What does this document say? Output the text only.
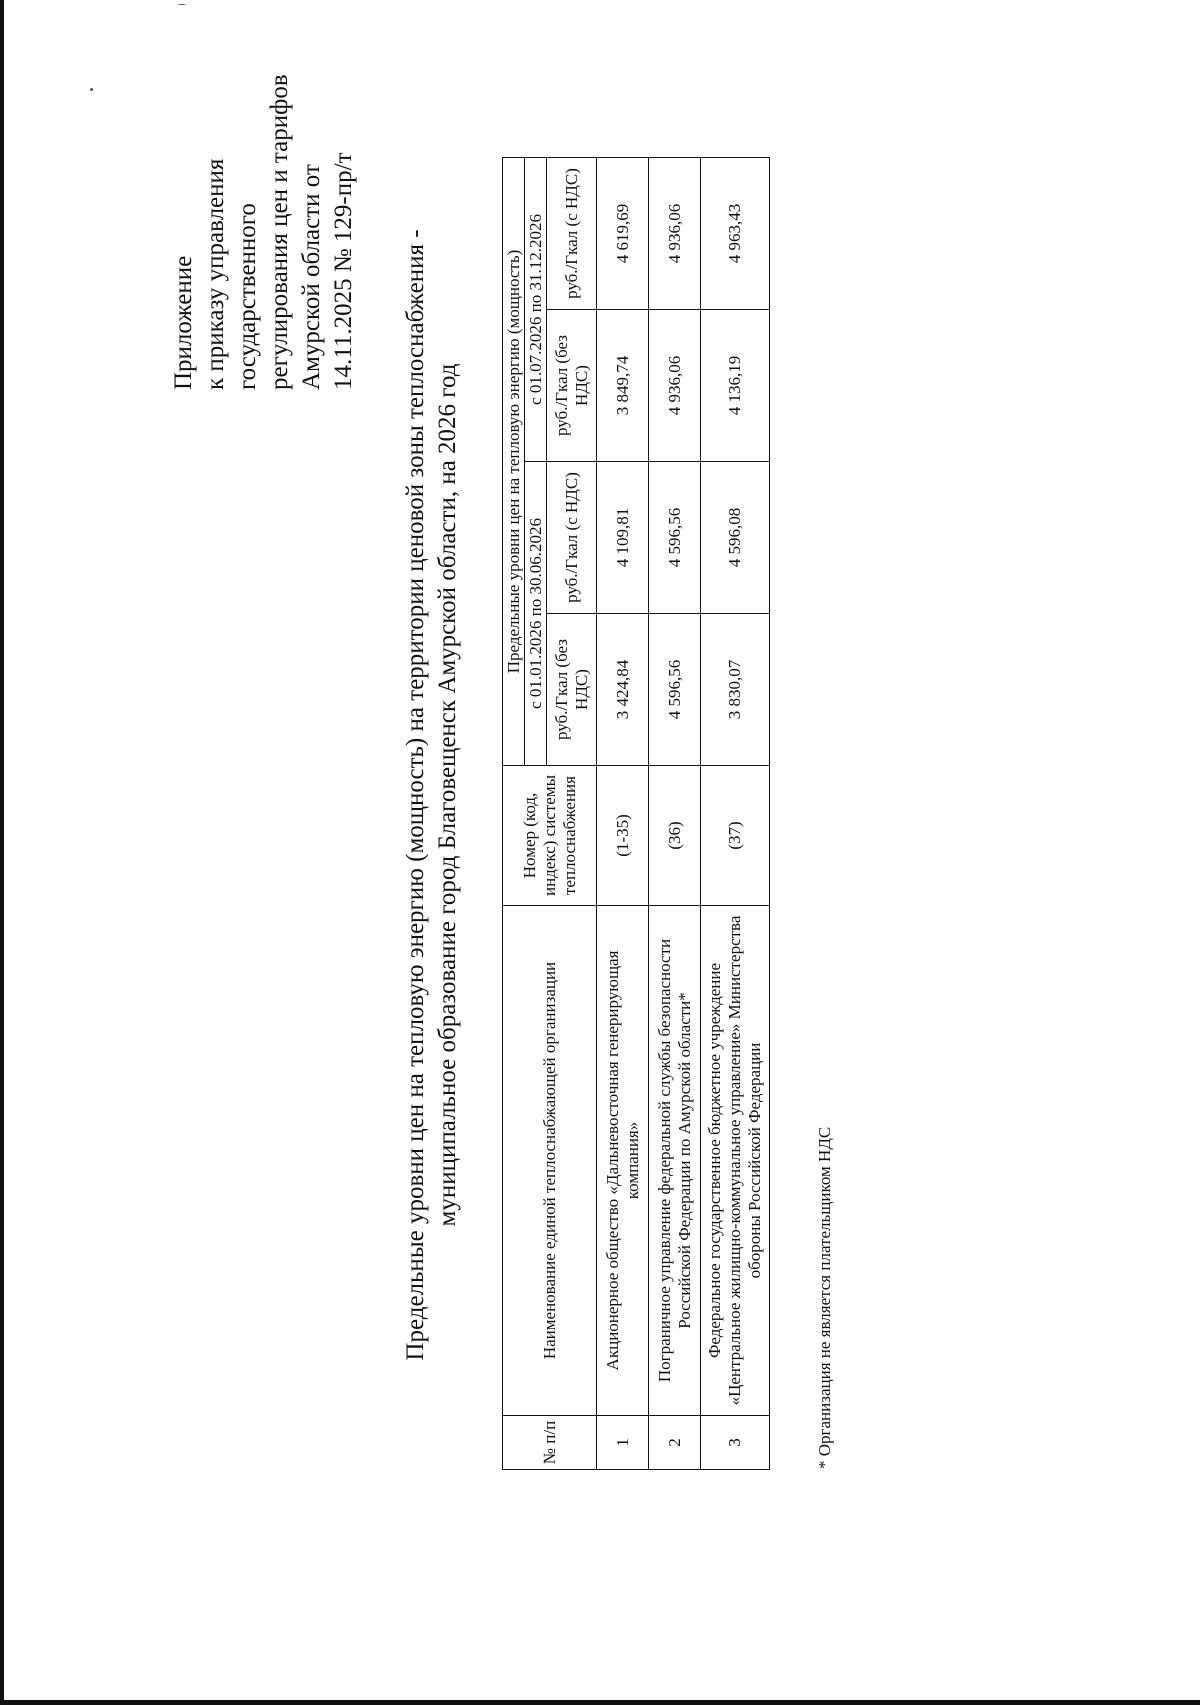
Приложение к приказу управления государственного регулирования цен и тарифов Амурской области от 14.11.2025 № 129-пр/т Предельные уровни цен на тепловую энергию (мощность) на территории ценовой зоны теплоснабжения - муниципальное образование город Благовещенск Амурской области, на 2026 год
№ п/п	Наименование единой теплоснабжающей организации	Номер (код, индекс) системы теплоснабжения	Предельные уровни цен на тепловую энергию (мощность)			
			с 01.01.2026 по 30.06.2026		с 01.07.2026 по 31.12.2026	
			руб./Гкал (без НДС)	руб./Гкал (с НДС)	руб./Гкал (без НДС)	руб./Гкал (с НДС)
1	Акционерное общество «Дальневосточная генерирующая компания»	(1-35)	3 424,84	4 109,81	3 849,74	4 619,69
2	Пограничное управление федеральной службы безопасности Российской Федерации по Амурской области*	(36)	4 596,56	4 596,56	4 936,06	4 936,06
3	Федеральное государственное бюджетное учреждение «Центральное жилищно-коммунальное управление» Министерства обороны Российской Федерации	(37)	3 830,07	4 596,08	4 136,19	4 963,43
* Организация не является плательщиком НДС
